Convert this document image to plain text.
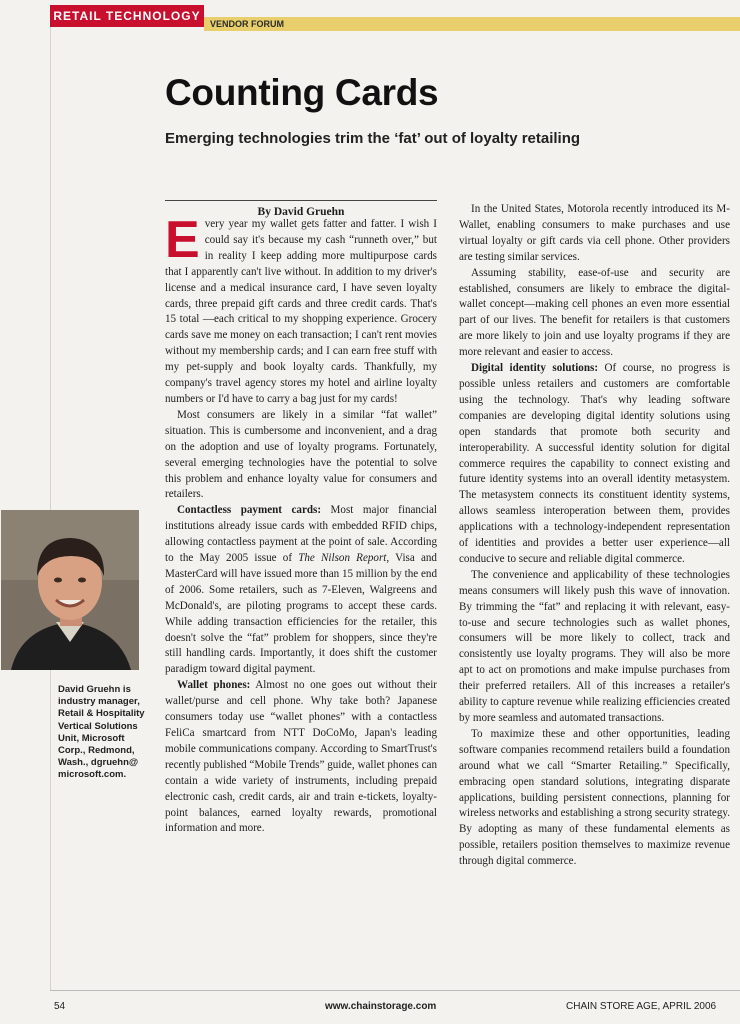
RETAIL TECHNOLOGY
VENDOR FORUM
Counting Cards
Emerging technologies trim the ‘fat’ out of loyalty retailing
By David Gruehn

Every year my wallet gets fatter and fatter. I wish I could say it's because my cash “runneth over,” but in reality I keep adding more multipurpose cards that I apparently can't live without. In addition to my driver's license and a medical insurance card, I have seven loyalty cards, three prepaid gift cards and three credit cards. That's 15 total —each critical to my shopping experience. Grocery cards save me money on each transaction; I can't rent movies without my membership cards; and I can earn free stuff with my pet-supply and book loyalty cards. Thankfully, my company's travel agency stores my hotel and airline loyalty numbers or I'd have to carry a bag just for my cards!

Most consumers are likely in a similar “fat wallet” situation. This is cumbersome and inconvenient, and a drag on the adoption and use of loyalty programs. Fortunately, several emerging technologies have the potential to solve this problem and enhance loyalty value for consumers and retailers.

Contactless payment cards: Most major financial institutions already issue cards with embedded RFID chips, allowing contactless payment at the point of sale. According to the May 2005 issue of The Nilson Report, Visa and MasterCard will have issued more than 15 million by the end of 2006. Some retailers, such as 7-Eleven, Walgreens and McDonald's, are piloting programs to accept these cards. While adding transaction efficiencies for the retailer, this doesn't solve the “fat” problem for shoppers, since they're still handling cards. Importantly, it does shift the customer paradigm toward digital payment.

Wallet phones: Almost no one goes out without their wallet/purse and cell phone. Why take both? Japanese consumers today use “wallet phones” with a contactless FeliCa smartcard from NTT DoCoMo, Japan's leading mobile communications company. According to SmartTrust's recently published “Mobile Trends” guide, wallet phones can contain a wide variety of instruments, including prepaid electronic cash, credit cards, air and train e-tickets, loyalty-point balances, earned loyalty rewards, promotional information and more.

In the United States, Motorola recently introduced its M-Wallet, enabling consumers to make purchases and use virtual loyalty or gift cards via cell phone. Other providers are testing similar services.

Assuming stability, ease-of-use and security are established, consumers are likely to embrace the digital-wallet concept—making cell phones an even more essential part of our lives. The benefit for retailers is that customers are more likely to join and use loyalty programs if they are more relevant and easier to access.

Digital identity solutions: Of course, no progress is possible unless retailers and customers are comfortable using the technology. That's why leading software companies are developing digital identity solutions using open standards that promote both security and interoperability. A successful identity solution for digital commerce requires the capability to connect existing and future identity systems into an overall identity metasystem. The metasystem connects its constituent identity systems, allows seamless interoperation between them, provides applications with a technology-independent representation of identities and provides a better user experience—all conducive to secure and reliable digital commerce.

The convenience and applicability of these technologies means consumers will likely push this wave of innovation. By trimming the “fat” and replacing it with relevant, easy-to-use and secure technologies such as wallet phones, consumers will be more likely to collect, track and consistently use loyalty programs. They will also be more apt to act on promotions and make impulse purchases from their preferred retailers. All of this increases a retailer's ability to capture revenue while realizing efficiencies created by more seamless and automated transactions.

To maximize these and other opportunities, leading software companies recommend retailers build a foundation around what we call “Smarter Retailing.” Specifically, embracing open standard solutions, integrating disparate applications, building persistent connections, planning for wireless networks and establishing a strong security strategy. By adopting as many of these fundamental elements as possible, retailers position themselves to maximize revenue through digital commerce.

David Gruehn is industry manager, Retail & Hospitality Vertical Solutions Unit, Microsoft Corp., Redmond, Wash., dgruehn@ microsoft.com.
54	www.chainstorage.com	CHAIN STORE AGE, APRIL 2006
